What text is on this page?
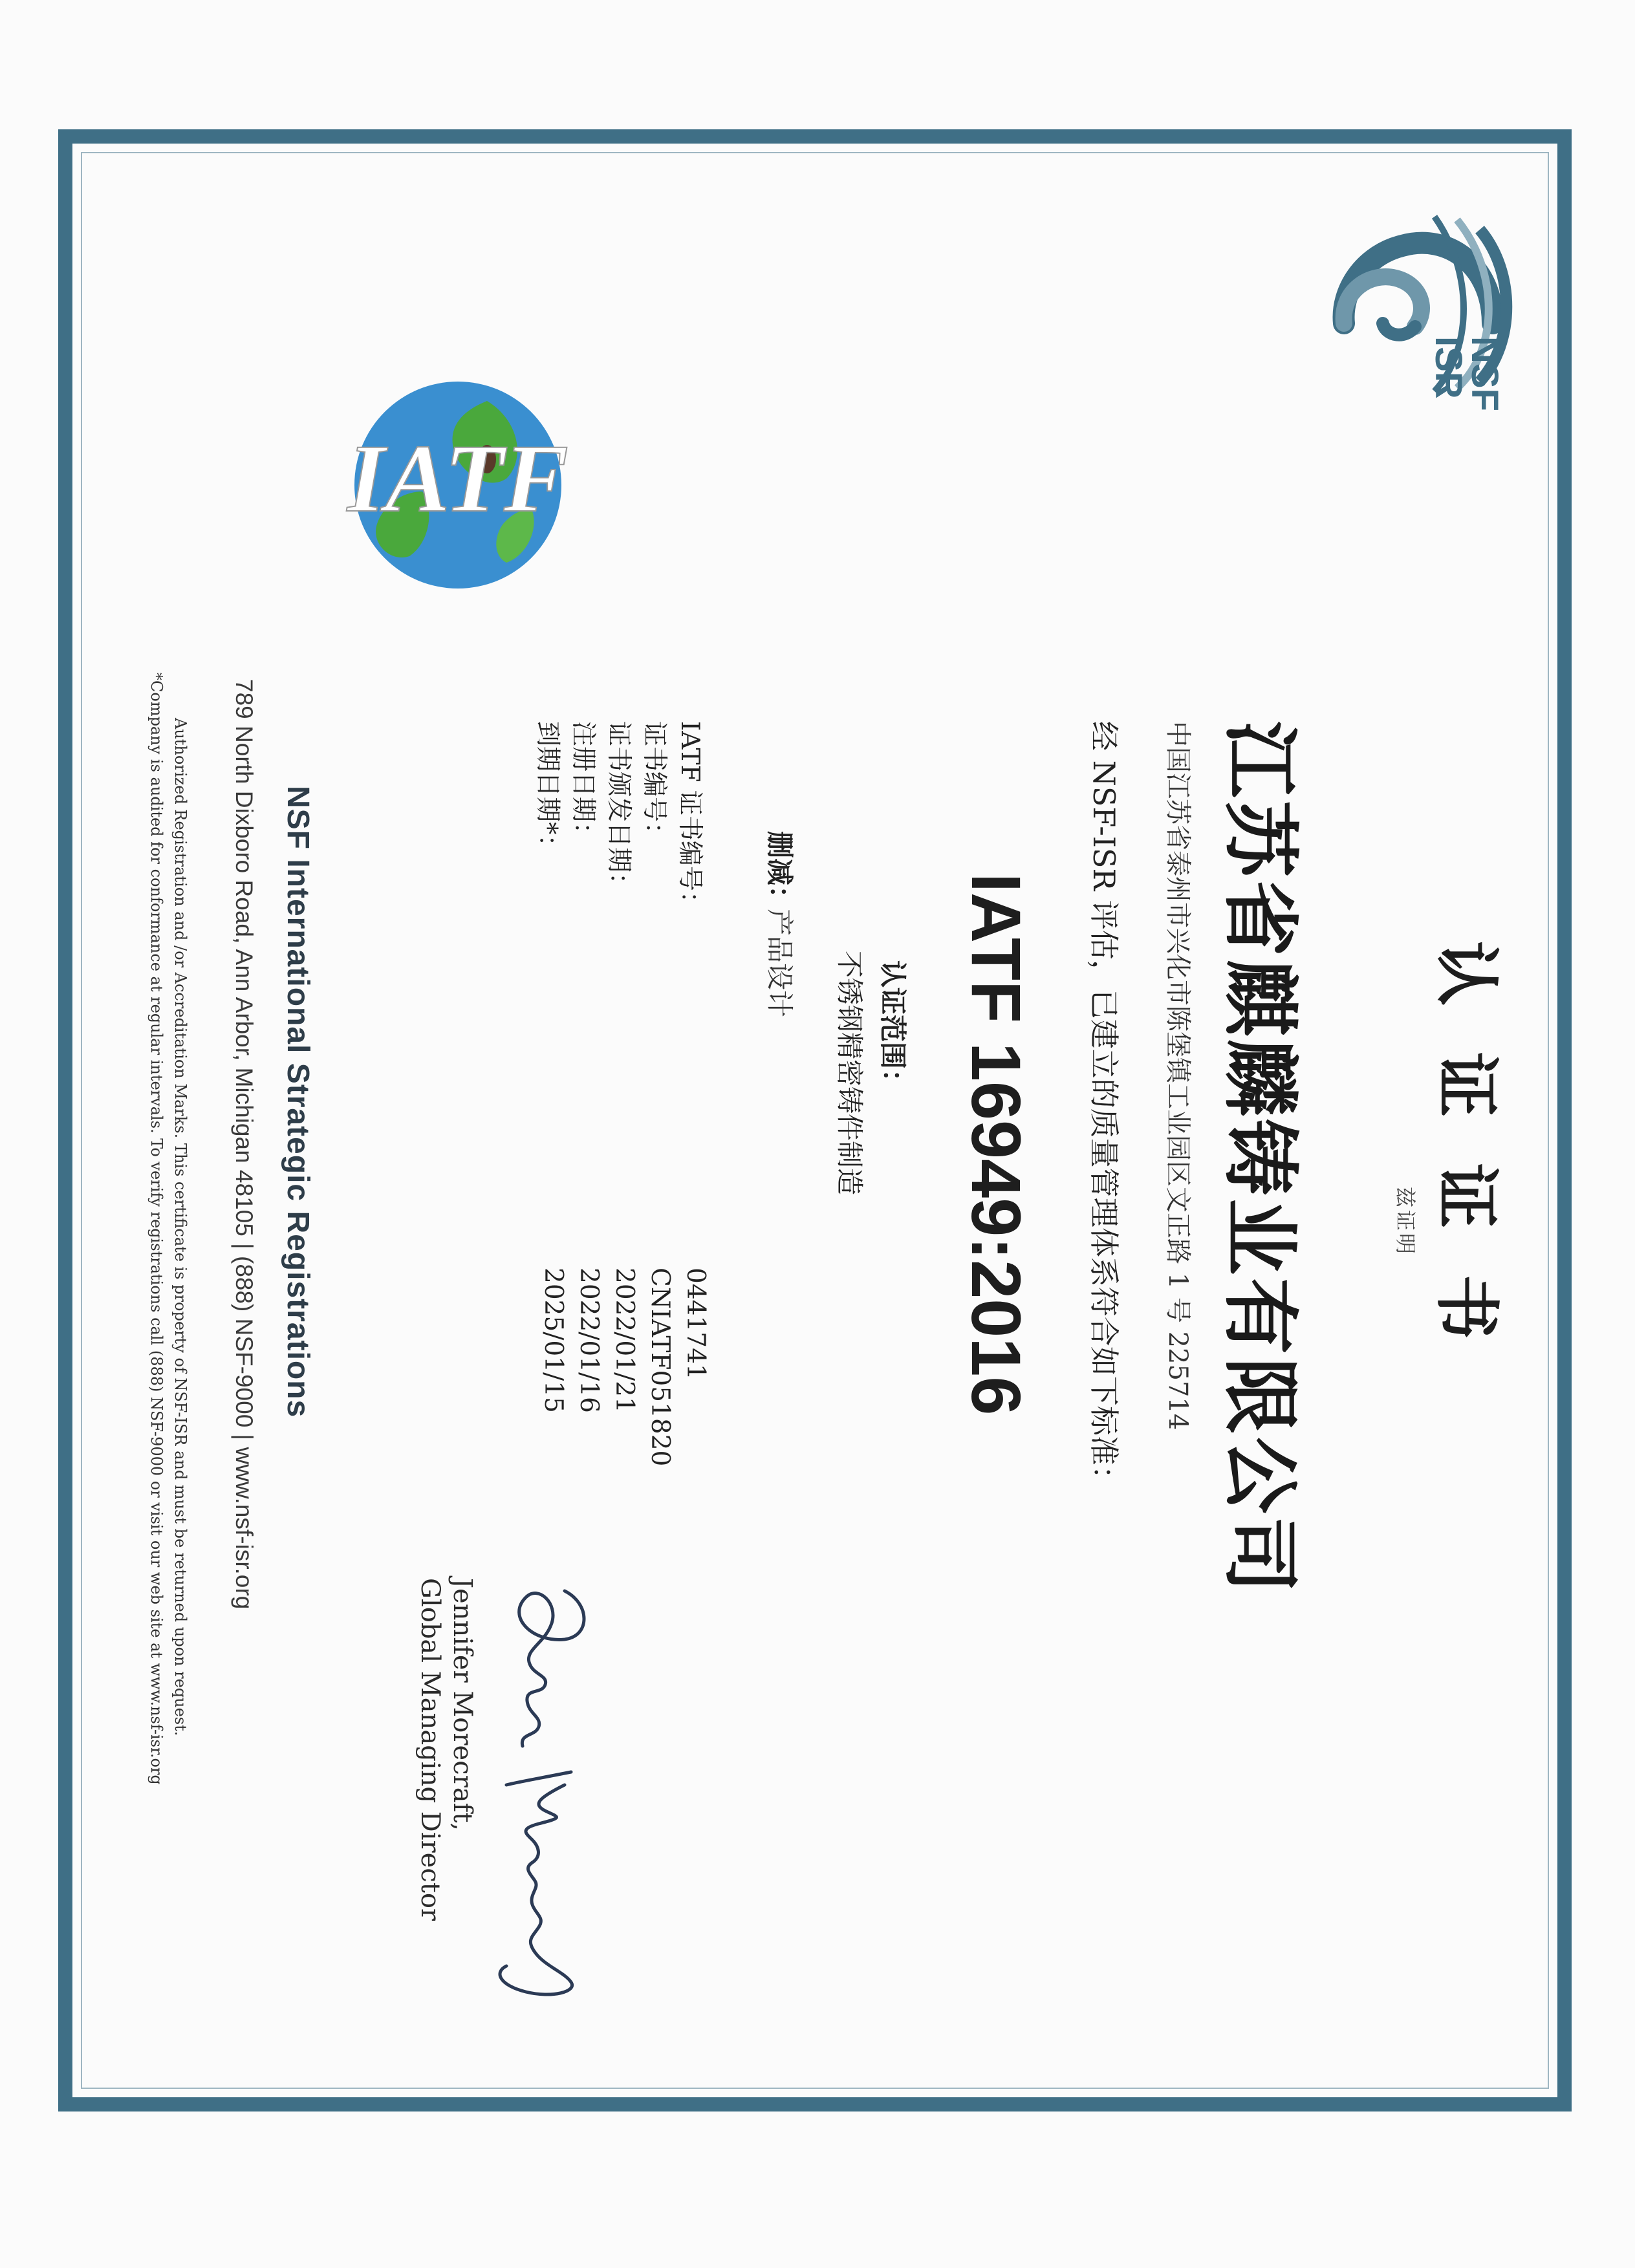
NSF
ISR
认证证书
兹证明
江苏省麒麟铸业有限公司
中国江苏省泰州市兴化市陈堡镇工业园区文正路 1 号 225714
经 NSF-ISR 评估，已建立的质量管理体系符合如下标准：
IATF 16949:2016
认证范围：
不锈钢精密铸件制造
删减：
产品设计
IATF 证书编号：
0441741
证书编号：
CNIATF051820
证书颁发日期：
2022/01/21
注册日期：
2022/01/16
到期日期*：
2025/01/15
Jennifer Morecraft,
Global Managing Director
NSF International Strategic Registrations
789 North Dixboro Road, Ann Arbor, Michigan 48105 | (888) NSF-9000 | www.nsf-isr.org
Authorized Registration and /or Accreditation Marks. This certificate is property of NSF-ISR and must be returned upon request.
*Company is audited for conformance at regular intervals. To verify registrations call (888) NSF-9000 or visit our web site at www.nsf-isr.org
IATF
